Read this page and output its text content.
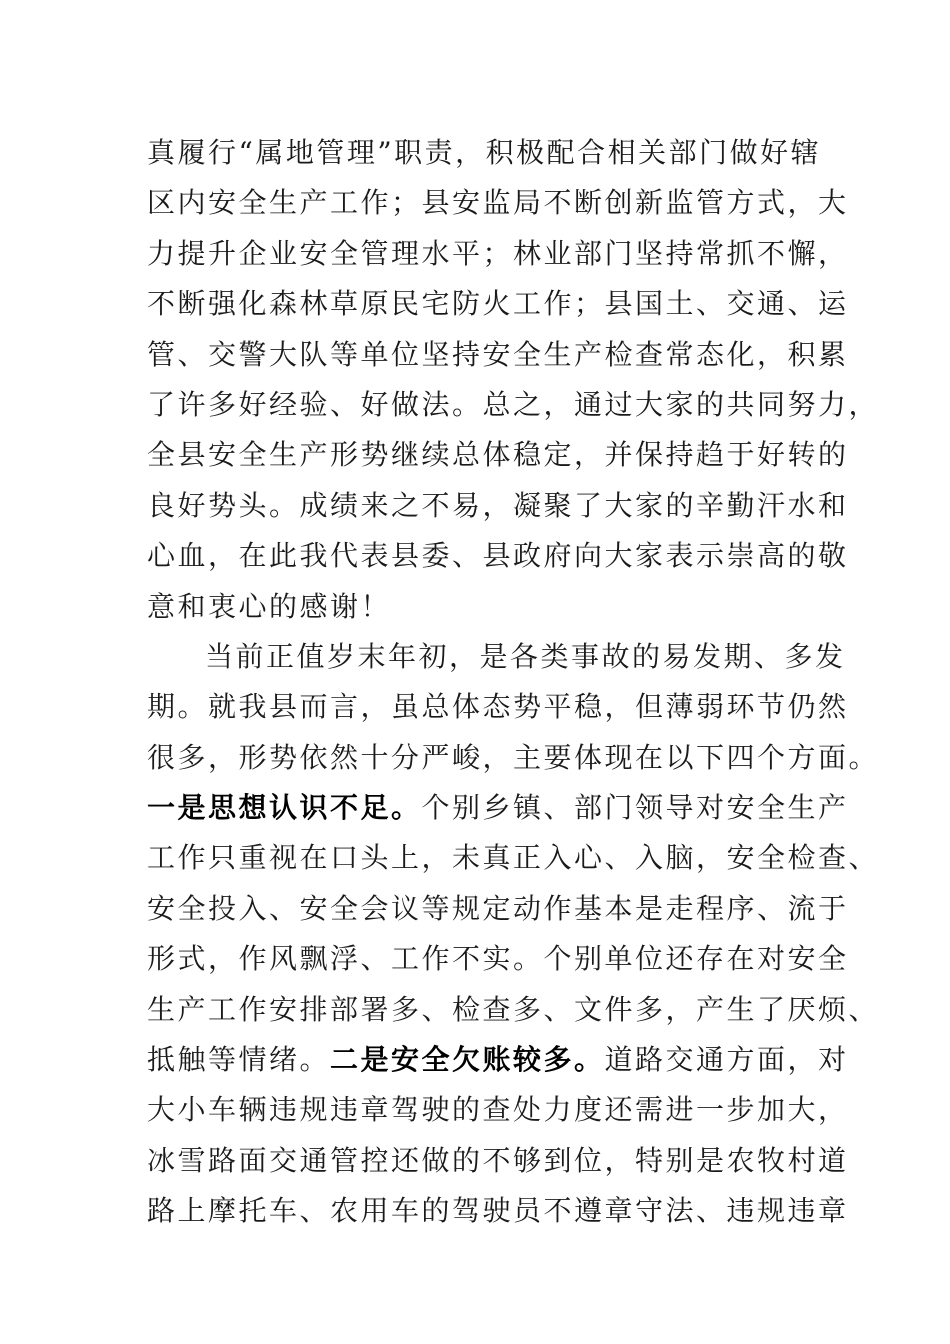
真履行“属地管理”职责，积极配合相关部门做好辖
区内安全生产工作；县安监局不断创新监管方式，大
力提升企业安全管理水平；林业部门坚持常抓不懈，
不断强化森林草原民宅防火工作；县国土、交通、运
管、交警大队等单位坚持安全生产检查常态化，积累
了许多好经验、好做法。总之，通过大家的共同努力，
全县安全生产形势继续总体稳定，并保持趋于好转的
良好势头。成绩来之不易，凝聚了大家的辛勤汗水和
心血，在此我代表县委、县政府向大家表示崇高的敬
意和衷心的感谢！
当前正值岁末年初，是各类事故的易发期、多发
期。就我县而言，虽总体态势平稳，但薄弱环节仍然
很多，形势依然十分严峻，主要体现在以下四个方面。
一是思想认识不足。个别乡镇、部门领导对安全生产
工作只重视在口头上，未真正入心、入脑，安全检查、
安全投入、安全会议等规定动作基本是走程序、流于
形式，作风飘浮、工作不实。个别单位还存在对安全
生产工作安排部署多、检查多、文件多，产生了厌烦、
抵触等情绪。二是安全欠账较多。道路交通方面，对
大小车辆违规违章驾驶的查处力度还需进一步加大，
冰雪路面交通管控还做的不够到位，特别是农牧村道
路上摩托车、农用车的驾驶员不遵章守法、违规违章
